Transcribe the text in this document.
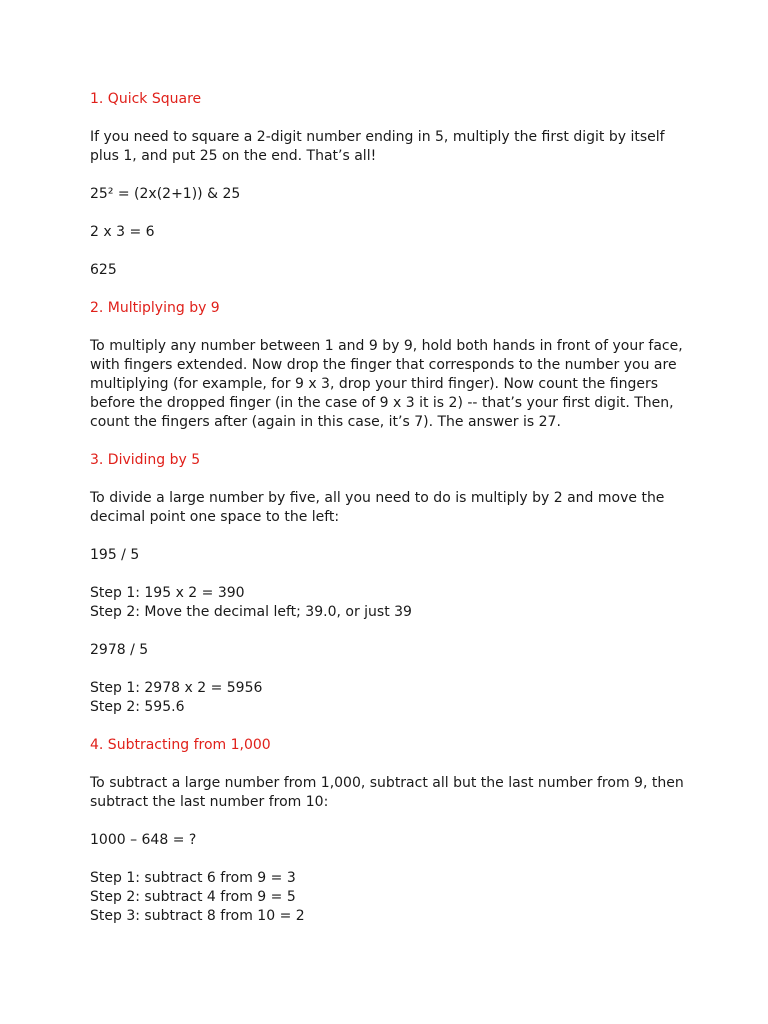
1. Quick Square

If you need to square a 2-digit number ending in 5, multiply the first digit by itself
plus 1, and put 25 on the end. That’s all!

25² = (2x(2+1)) & 25

2 x 3 = 6

625

2. Multiplying by 9

To multiply any number between 1 and 9 by 9, hold both hands in front of your face,
with fingers extended. Now drop the finger that corresponds to the number you are
multiplying (for example, for 9 x 3, drop your third finger). Now count the fingers
before the dropped finger (in the case of 9 x 3 it is 2) -- that’s your first digit. Then,
count the fingers after (again in this case, it’s 7). The answer is 27.

3. Dividing by 5

To divide a large number by five, all you need to do is multiply by 2 and move the
decimal point one space to the left:

195 / 5

Step 1: 195 x 2 = 390
Step 2: Move the decimal left; 39.0, or just 39

2978 / 5

Step 1: 2978 x 2 = 5956
Step 2: 595.6

4. Subtracting from 1,000

To subtract a large number from 1,000, subtract all but the last number from 9, then
subtract the last number from 10:

1000 – 648 = ?

Step 1: subtract 6 from 9 = 3
Step 2: subtract 4 from 9 = 5
Step 3: subtract 8 from 10 = 2
